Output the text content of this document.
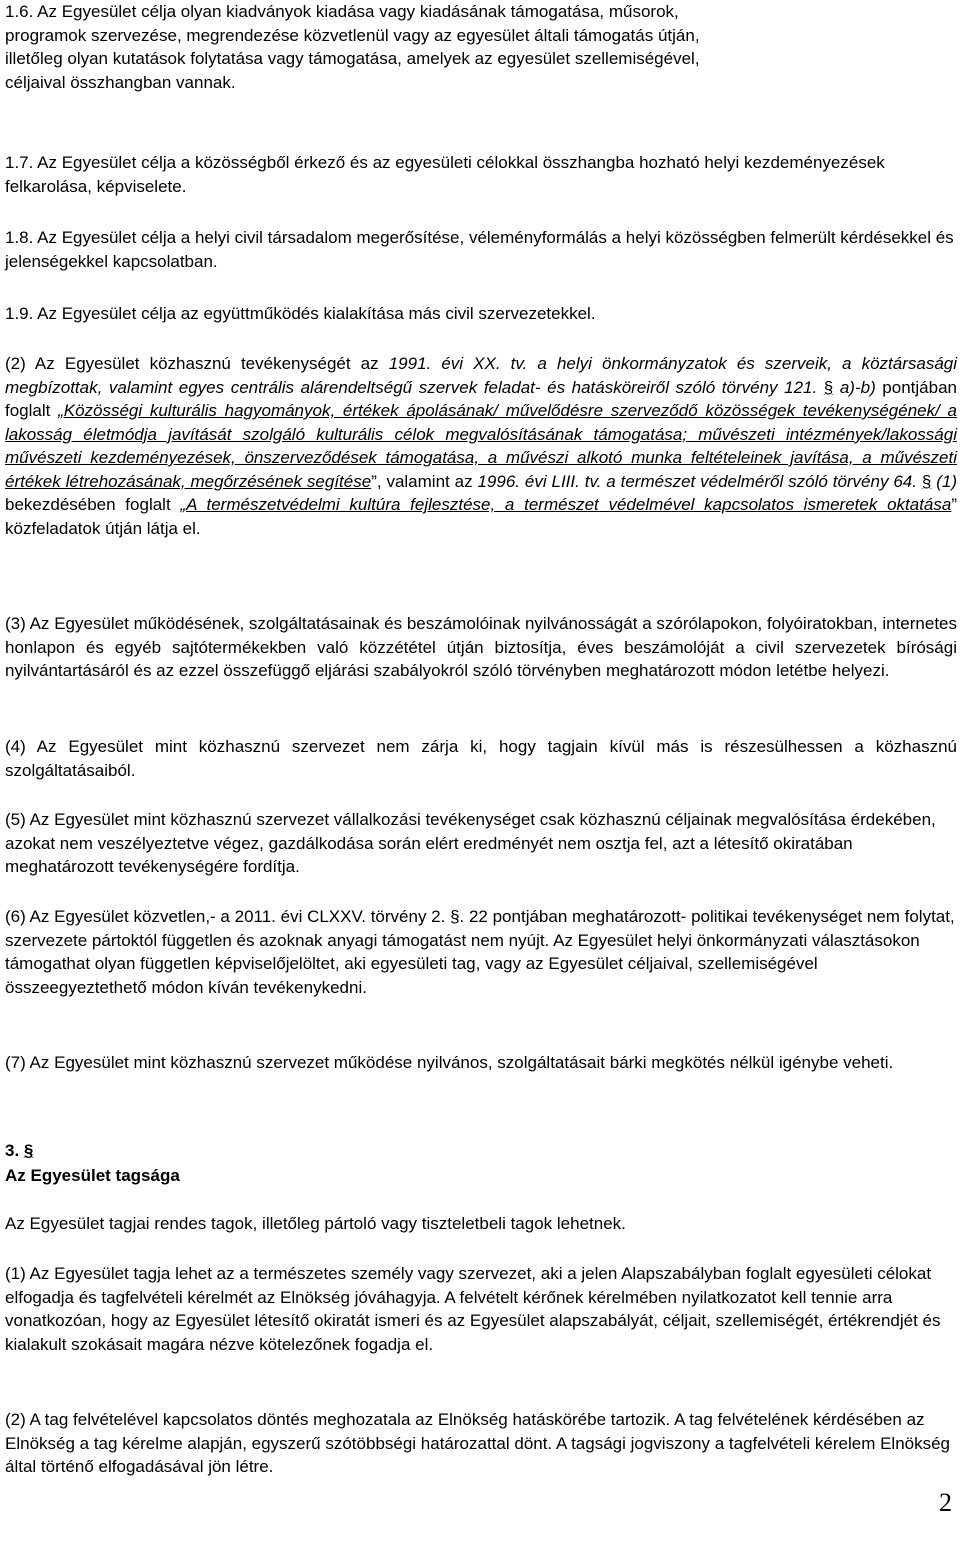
1.6. Az Egyesület célja olyan kiadványok kiadása vagy kiadásának támogatása, műsorok, programok szervezése, megrendezése közvetlenül vagy az egyesület általi támogatás útján, illetőleg olyan kutatások folytatása vagy támogatása, amelyek az egyesület szellemiségével, céljaival összhangban vannak.

1.7. Az Egyesület célja a közösségből érkező és az egyesületi célokkal összhangba hozható helyi kezdeményezések felkarolása, képviselete.

1.8. Az Egyesület célja a helyi civil társadalom megerősítése, véleményformálás a helyi közösségben felmerült kérdésekkel és jelenségekkel kapcsolatban.

1.9. Az Egyesület célja az együttműködés kialakítása más civil szervezetekkel.

(2) Az Egyesület közhasznú tevékenységét az 1991. évi XX. tv. a helyi önkormányzatok és szerveik, a köztársasági megbízottak, valamint egyes centrális alárendeltségű szervek feladat- és hatásköreiről szóló törvény 121. § a)-b) pontjában foglalt „Közösségi kulturális hagyományok, értékek ápolásának/ művelődésre szerveződő közösségek tevékenységének/ a lakosság életmódja javítását szolgáló kulturális célok megvalósításának támogatása; művészeti intézmények/lakossági művészeti kezdeményezések, önszerveződések támogatása, a művészi alkotó munka feltételeinek javítása, a művészeti értékek létrehozásának, megőrzésének segítése”, valamint az 1996. évi LIII. tv. a természet védelméről szóló törvény 64. § (1) bekezdésében foglalt „A természetvédelmi kultúra fejlesztése, a természet védelmével kapcsolatos ismeretek oktatása” közfeladatok útján látja el.

(3) Az Egyesület működésének, szolgáltatásainak és beszámolóinak nyilvánosságát a szórólapokon, folyóiratokban, internetes honlapon és egyéb sajtótermékekben való közzététel útján biztosítja, éves beszámolóját a civil szervezetek bírósági nyilvántartásáról és az ezzel összefüggő eljárási szabályokról szóló törvényben meghatározott módon letétbe helyezi.

(4) Az Egyesület mint közhasznú szervezet nem zárja ki, hogy tagjain kívül más is részesülhessen a közhasznú szolgáltatásaiból.

(5) Az Egyesület mint közhasznú szervezet vállalkozási tevékenységet csak közhasznú céljainak megvalósítása érdekében, azokat nem veszélyeztetve végez, gazdálkodása során elért eredményét nem osztja fel, azt a létesítő okiratában meghatározott tevékenységére fordítja.

(6) Az Egyesület közvetlen,- a 2011. évi CLXXV. törvény 2. §. 22 pontjában meghatározott- politikai tevékenységet nem folytat, szervezete pártoktól független és azoknak anyagi támogatást nem nyújt. Az Egyesület helyi önkormányzati választásokon támogathat olyan független képviselőjelöltet, aki egyesületi tag, vagy az Egyesület céljaival, szellemiségével összeegyeztethető módon kíván tevékenykedni.

(7) Az Egyesület mint közhasznú szervezet működése nyilvános, szolgáltatásait bárki megkötés nélkül igénybe veheti.

3. §
Az Egyesület tagsága

Az Egyesület tagjai rendes tagok, illetőleg pártoló vagy tiszteletbeli tagok lehetnek.

(1) Az Egyesület tagja lehet az a természetes személy vagy szervezet, aki a jelen Alapszabályban foglalt egyesületi célokat elfogadja és tagfelvételi kérelmét az Elnökség jóváhagyja. A felvételt kérőnek kérelmében nyilatkozatot kell tennie arra vonatkozóan, hogy az Egyesület létesítő okiratát ismeri és az Egyesület alapszabályát, céljait, szellemiségét, értékrendjét és kialakult szokásait magára nézve kötelezőnek fogadja el.

(2) A tag felvételével kapcsolatos döntés meghozatala az Elnökség hatáskörébe tartozik. A tag felvételének kérdésében az Elnökség a tag kérelme alapján, egyszerű szótöbbségi határozattal dönt. A tagsági jogviszony a tagfelvételi kérelem Elnökség által történő elfogadásával jön létre.

2
